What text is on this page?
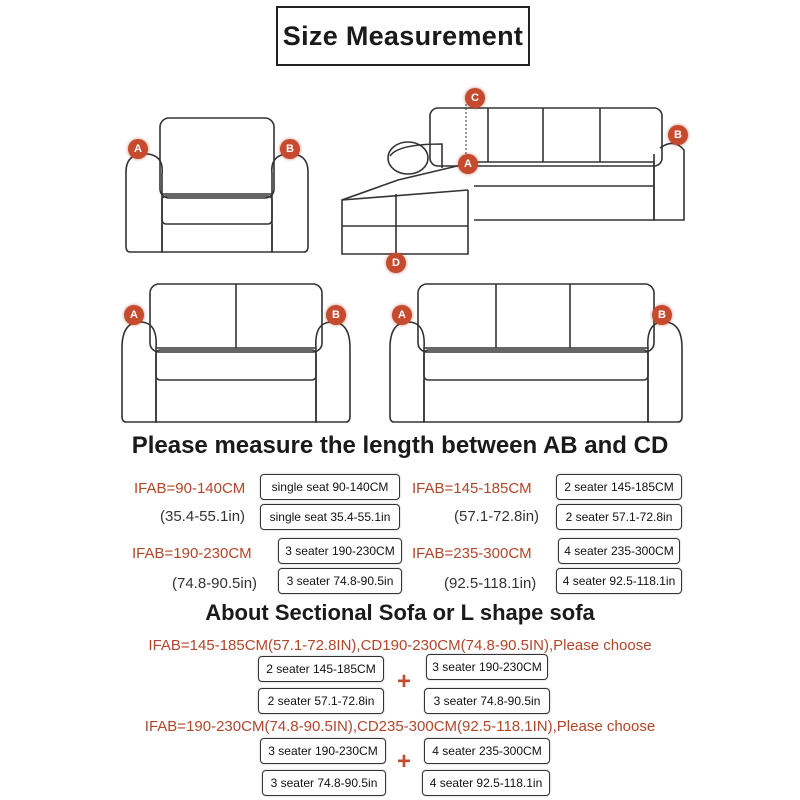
Size Measurement
A	B
C
A
B
D
A	B	A	B
Please measure the length between AB and CD
IFAB=90-140CM	single seat 90-140CM
(35.4-55.1in)	single seat 35.4-55.1in
IFAB=145-185CM	2 seater 145-185CM
(57.1-72.8in)	2 seater 57.1-72.8in
IFAB=190-230CM	3 seater 190-230CM
(74.8-90.5in)	3 seater 74.8-90.5in
IFAB=235-300CM	4 seater 235-300CM
(92.5-118.1in)	4 seater 92.5-118.1in
About Sectional Sofa or L shape sofa
IFAB=145-185CM(57.1-72.8IN),CD190-230CM(74.8-90.5IN),Please choose
2 seater 145-185CM	3 seater 190-230CM
+
2 seater 57.1-72.8in	3 seater 74.8-90.5in
IFAB=190-230CM(74.8-90.5IN),CD235-300CM(92.5-118.1IN),Please choose
3 seater 190-230CM	4 seater 235-300CM
+
3 seater 74.8-90.5in	4 seater 92.5-118.1in
